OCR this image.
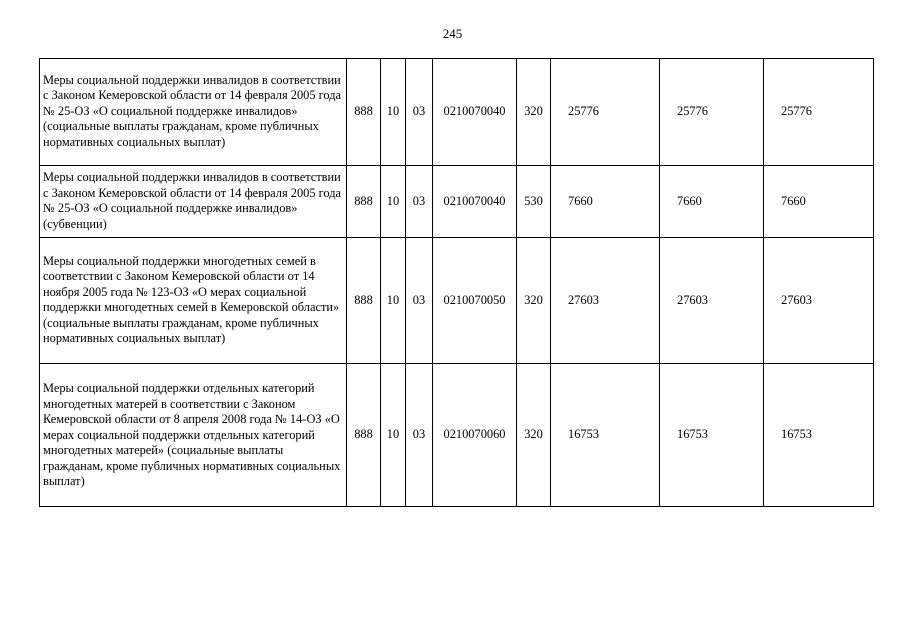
245
Меры социальной поддержки инвалидов в соответствии с Законом Кемеровской области от 14 февраля 2005 года № 25-ОЗ «О социальной поддержке инвалидов» (социальные выплаты гражданам, кроме публичных нормативных социальных выплат)	888	10	03	0210070040	320	25776	25776	25776
Меры социальной поддержки инвалидов в соответствии с Законом Кемеровской области от 14 февраля 2005 года № 25-ОЗ «О социальной поддержке инвалидов» (субвенции)	888	10	03	0210070040	530	7660	7660	7660
Меры социальной поддержки многодетных семей в соответствии с Законом Кемеровской области от 14 ноября 2005 года № 123-ОЗ «О мерах социальной поддержки многодетных семей в Кемеровской области» (социальные выплаты гражданам, кроме публичных нормативных социальных выплат)	888	10	03	0210070050	320	27603	27603	27603
Меры социальной поддержки отдельных категорий многодетных матерей в соответствии с Законом Кемеровской области от 8 апреля 2008 года № 14-ОЗ «О мерах социальной поддержки отдельных категорий многодетных матерей» (социальные выплаты гражданам, кроме публичных нормативных социальных выплат)	888	10	03	0210070060	320	16753	16753	16753
